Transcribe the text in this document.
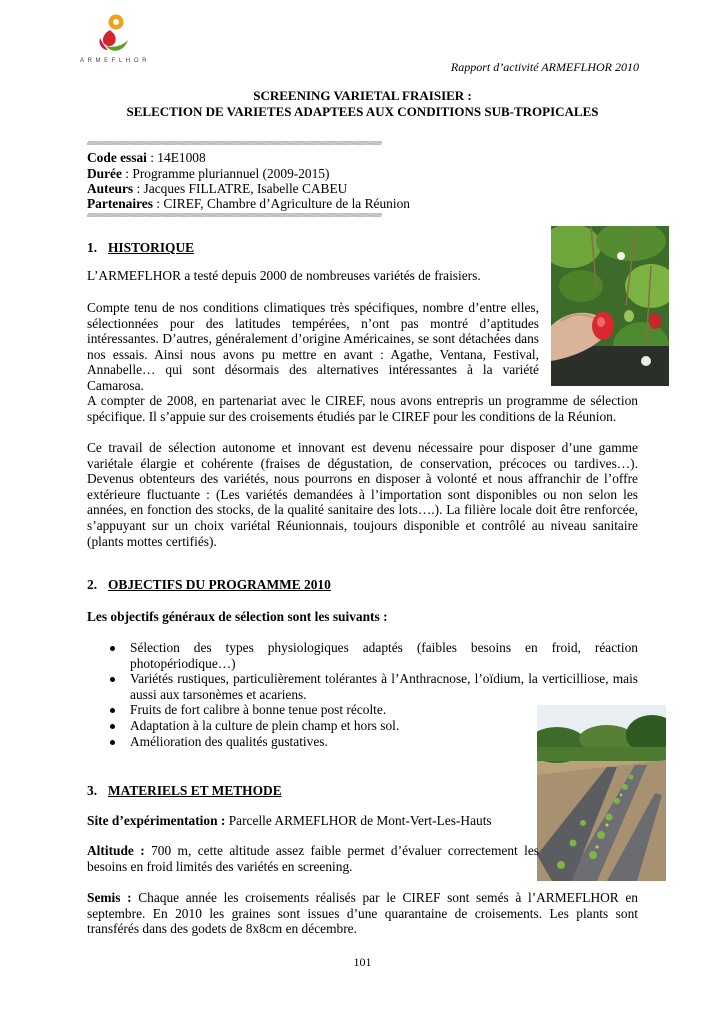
ARMEFLHOR	Rapport d’activité ARMEFLHOR 2010
SCREENING VARIETAL FRAISIER :
SELECTION DE VARIETES ADAPTEES AUX CONDITIONS SUB-TROPICALES
////////////////////////////////////////////////////////////////////////////////////////////////////////////////////////////////////////////////////////////////////////////////////////////////////////////////////////////////////////////////////////////////////////////////////
Code essai : 14E1008
Durée : Programme pluriannuel (2009-2015)
Auteurs : Jacques FILLATRE, Isabelle CABEU
Partenaires : CIREF, Chambre d’Agriculture de la Réunion
////////////////////////////////////////////////////////////////////////////////////////////////////////////////////////////////////////////////////////////////////////////////////////////////////////////////////////////////////////////////////////////////////////////////////
1. HISTORIQUE
L’ARMEFLHOR a testé depuis 2000 de nombreuses variétés de fraisiers.
Compte tenu de nos conditions climatiques très spécifiques, nombre d’entre elles, sélectionnées pour des latitudes tempérées, n’ont pas montré d’aptitudes intéressantes. D’autres, généralement d’origine Américaines, se sont détachées dans nos essais. Ainsi nous avons pu mettre en avant : Agathe, Ventana, Festival, Annabelle… qui sont désormais des alternatives intéressantes à la variété Camarosa.
A compter de 2008, en partenariat avec le CIREF, nous avons entrepris un programme de sélection spécifique. Il s’appuie sur des croisements étudiés par le CIREF pour les conditions de la Réunion.
Ce travail de sélection autonome et innovant est devenu nécessaire pour disposer d’une gamme variétale élargie et cohérente (fraises de dégustation, de conservation, précoces ou tardives…). Devenus obtenteurs des variétés, nous pourrons en disposer à volonté et nous affranchir de l’offre extérieure fluctuante : (Les variétés demandées à l’importation sont disponibles ou non selon les années, en fonction des stocks, de la qualité sanitaire des lots….). La filière locale doit être renforcée, s’appuyant sur un choix variétal Réunionnais, toujours disponible et contrôlé au niveau sanitaire (plants mottes certifiés).
2. OBJECTIFS DU PROGRAMME 2010
Les objectifs généraux de sélection sont les suivants :
Sélection des types physiologiques adaptés (faibles besoins en froid, réaction photopériodique…)
Variétés rustiques, particulièrement tolérantes à l’Anthracnose, l’oïdium, la verticilliose, mais aussi aux tarsonèmes et acariens.
Fruits de fort calibre à bonne tenue post récolte.
Adaptation à la culture de plein champ et hors sol.
Amélioration des qualités gustatives.
3. MATERIELS ET METHODE
Site d’expérimentation : Parcelle ARMEFLHOR de Mont-Vert-Les-Hauts
Altitude : 700 m, cette altitude assez faible permet d’évaluer correctement les besoins en froid limités des variétés en screening.
Semis : Chaque année les croisements réalisés par le CIREF sont semés à l’ARMEFLHOR en septembre. En 2010 les graines sont issues d’une quarantaine de croisements. Les plants sont transférés dans des godets de 8x8cm en décembre.
101
